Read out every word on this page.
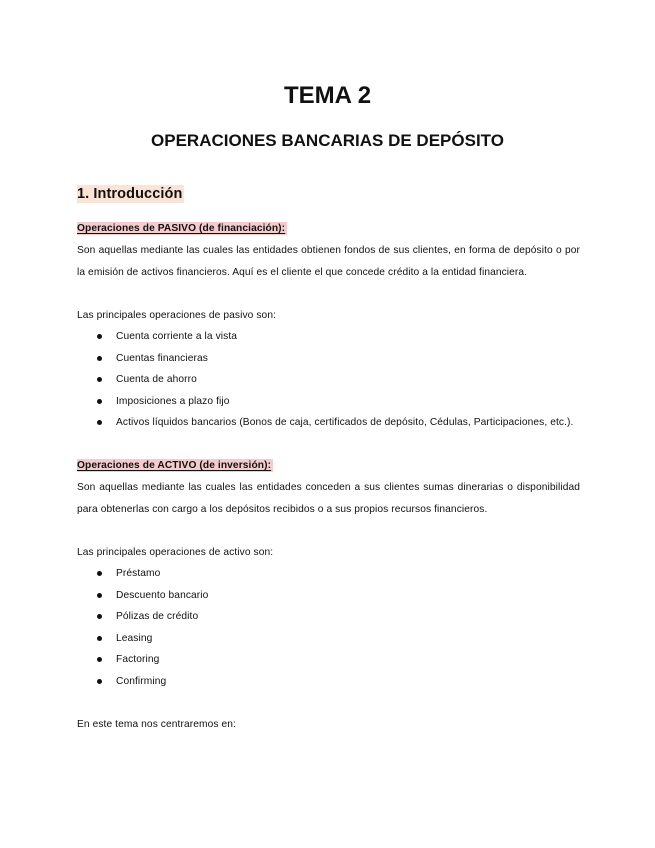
TEMA 2
OPERACIONES BANCARIAS DE DEPÓSITO
1. Introducción

Operaciones de PASIVO (de financiación):

Son aquellas mediante las cuales las entidades obtienen fondos de sus clientes, en forma de depósito o por la emisión de activos financieros. Aquí es el cliente el que concede crédito a la entidad financiera.

Las principales operaciones de pasivo son:

Cuenta corriente a la vista
Cuentas financieras
Cuenta de ahorro
Imposiciones a plazo fijo
Activos líquidos bancarios (Bonos de caja, certificados de depósito, Cédulas, Participaciones, etc.).

Operaciones de ACTIVO (de inversión):

Son aquellas mediante las cuales las entidades conceden a sus clientes sumas dinerarias o disponibilidad para obtenerlas con cargo a los depósitos recibidos o a sus propios recursos financieros.

Las principales operaciones de activo son:

Préstamo
Descuento bancario
Pólizas de crédito
Leasing
Factoring
Confirming

En este tema nos centraremos en:
